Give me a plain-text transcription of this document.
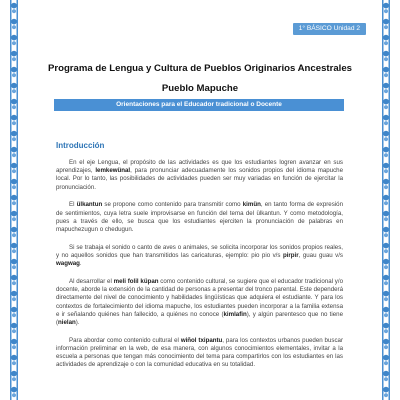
1° BÁSICO Unidad 2
Programa de Lengua y Cultura de Pueblos Originarios Ancestrales
Pueblo Mapuche
Orientaciones para el Educador tradicional o Docente
Introducción

En el eje Lengua, el propósito de las actividades es que los estudiantes logren avanzar en sus aprendizajes, lemkewünal, para pronunciar adecuadamente los sonidos propios del idioma mapuche local. Por lo tanto, las posibilidades de actividades pueden ser muy variadas en función de ejercitar la pronunciación.

El ülkantun se propone como contenido para transmitir como kimün, en tanto forma de expresión de sentimientos, cuya letra suele improvisarse en función del tema del ülkantun. Y como metodología, pues a través de ello, se busca que los estudiantes ejerciten la pronunciación de palabras en mapuchezugun o chedugun.

Si se trabaja el sonido o canto de aves o animales, se solicita incorporar los sonidos propios reales, y no aquellos sonidos que han transmitidos las caricaturas, ejemplo: pio pio v/s pirpir, guau guau v/s wagwag.

Al desarrollar el meli folil küpan como contenido cultural, se sugiere que el educador tradicional y/o docente, aborde la extensión de la cantidad de personas a presentar del tronco parental. Este dependerá directamente del nivel de conocimiento y habilidades lingüísticas que adquiera el estudiante. Y para los contextos de fortalecimiento del idioma mapuche, los estudiantes pueden incorporar a la familia extensa e ir señalando quiénes han fallecido, a quiénes no conoce (kimlafin), y algún parentesco que no tiene (nielan).

Para abordar como contenido cultural el wiñol txipantu, para los contextos urbanos pueden buscar información preliminar en la web, de esa manera, con algunos conocimientos elementales, invitar a la escuela a personas que tengan más conocimiento del tema para compartirlos con los estudiantes en las actividades de aprendizaje o con la comunidad educativa en su totalidad.
